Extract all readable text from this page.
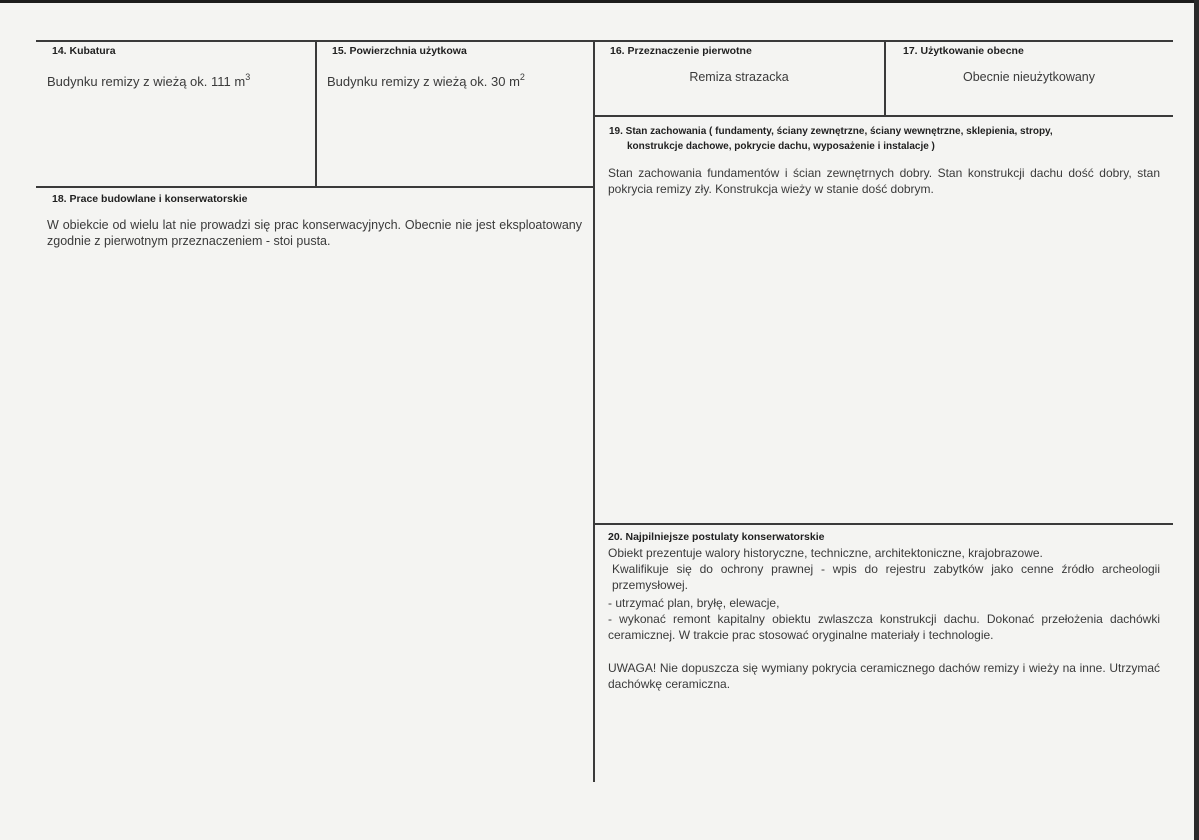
14. Kubatura
Budynku remizy z wieżą ok. 111 $m^3$
15. Powierzchnia użytkowa
Budynku remizy z wieżą ok. 30 $m^2$
16. Przeznaczenie pierwotne
Remiza strazacka
17. Użytkowanie obecne
Obecnie nieużytkowany
19. Stan zachowania ( fundamenty, ściany zewnętrzne, ściany wewnętrzne, sklepienia, stropy,
konstrukcje dachowe, pokrycie dachu, wyposażenie i instalacje )
Stan zachowania fundamentów i ścian zewnętrnych dobry. Stan konstrukcji dachu dość dobry, stan pokrycia remizy zły. Konstrukcja wieży w stanie dość dobrym.
18. Prace budowlane i konserwatorskie
W obiekcie od wielu lat nie prowadzi się prac konserwacyjnych. Obecnie nie jest eksploatowany zgodnie z pierwotnym przeznaczeniem - stoi pusta.
20. Najpilniejsze postulaty konserwatorskie
Obiekt prezentuje walory historyczne, techniczne, architektoniczne, krajobrazowe.
Kwalifikuje się do ochrony prawnej - wpis do rejestru zabytków jako cenne źródło archeologii przemysłowej.
- utrzymać plan, bryłę, elewacje,
- wykonać remont kapitalny obiektu zwlaszcza konstrukcji dachu. Dokonać przełożenia dachówki ceramicznej. W trakcie prac stosować oryginalne materiały i technologie.
UWAGA! Nie dopuszcza się wymiany pokrycia ceramicznego dachów remizy i wieży na inne. Utrzymać dachówkę ceramiczna.
